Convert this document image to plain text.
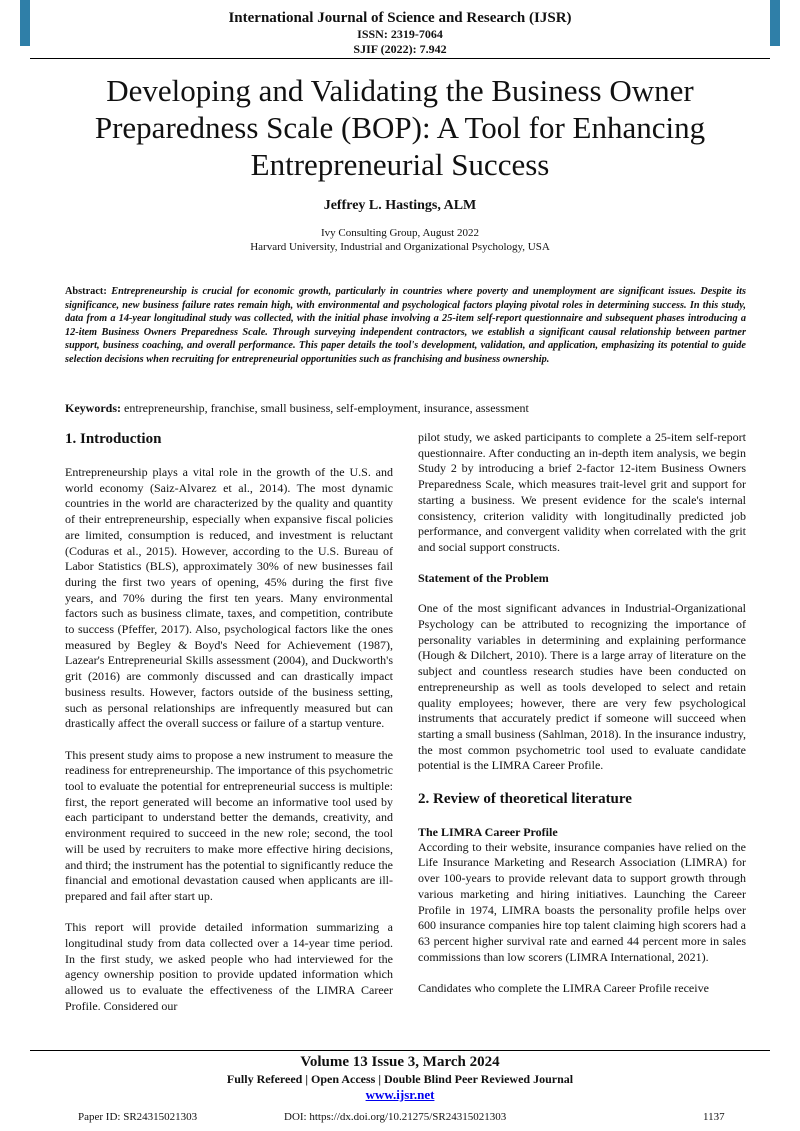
International Journal of Science and Research (IJSR)
ISSN: 2319-7064
SJIF (2022): 7.942
Developing and Validating the Business Owner Preparedness Scale (BOP): A Tool for Enhancing Entrepreneurial Success
Jeffrey L. Hastings, ALM
Ivy Consulting Group, August 2022
Harvard University, Industrial and Organizational Psychology, USA

Abstract: Entrepreneurship is crucial for economic growth, particularly in countries where poverty and unemployment are significant issues. Despite its significance, new business failure rates remain high, with environmental and psychological factors playing pivotal roles in determining success. In this study, data from a 14-year longitudinal study was collected, with the initial phase involving a 25-item self-report questionnaire and subsequent phases introducing a 12-item Business Owners Preparedness Scale. Through surveying independent contractors, we establish a significant causal relationship between partner support, business coaching, and overall performance. This paper details the tool's development, validation, and application, emphasizing its potential to guide selection decisions when recruiting for entrepreneurial opportunities such as franchising and business ownership.

Keywords: entrepreneurship, franchise, small business, self-employment, insurance, assessment

1. Introduction

Entrepreneurship plays a vital role in the growth of the U.S. and world economy (Saiz-Alvarez et al., 2014). The most dynamic countries in the world are characterized by the quality and quantity of their entrepreneurship, especially when expansive fiscal policies are limited, consumption is reduced, and investment is reluctant (Coduras et al., 2015). However, according to the U.S. Bureau of Labor Statistics (BLS), approximately 30% of new businesses fail during the first two years of opening, 45% during the first five years, and 70% during the first ten years. Many environmental factors such as business climate, taxes, and competition, contribute to success (Pfeffer, 2017). Also, psychological factors like the ones measured by Begley & Boyd's Need for Achievement (1987), Lazear's Entrepreneurial Skills assessment (2004), and Duckworth's grit (2016) are commonly discussed and can drastically impact business results. However, factors outside of the business setting, such as personal relationships are infrequently measured but can drastically affect the overall success or failure of a startup venture.

This present study aims to propose a new instrument to measure the readiness for entrepreneurship. The importance of this psychometric tool to evaluate the potential for entrepreneurial success is multiple: first, the report generated will become an informative tool used by each participant to understand better the demands, creativity, and environment required to succeed in the new role; second, the tool will be used by recruiters to make more effective hiring decisions, and third; the instrument has the potential to significantly reduce the financial and emotional devastation caused when applicants are ill-prepared and fail after start up.

This report will provide detailed information summarizing a longitudinal study from data collected over a 14-year time period. In the first study, we asked people who had interviewed for the agency ownership position to provide updated information which allowed us to evaluate the effectiveness of the LIMRA Career Profile. Considered our

pilot study, we asked participants to complete a 25-item self-report questionnaire. After conducting an in-depth item analysis, we begin Study 2 by introducing a brief 2-factor 12-item Business Owners Preparedness Scale, which measures trait-level grit and support for starting a business. We present evidence for the scale's internal consistency, criterion validity with longitudinally predicted job performance, and convergent validity when correlated with the grit and social support constructs.

Statement of the Problem

One of the most significant advances in Industrial-Organizational Psychology can be attributed to recognizing the importance of personality variables in determining and explaining performance (Hough & Dilchert, 2010). There is a large array of literature on the subject and countless research studies have been conducted on entrepreneurship as well as tools developed to select and retain quality employees; however, there are very few psychological instruments that accurately predict if someone will succeed when starting a small business (Sahlman, 2018). In the insurance industry, the most common psychometric tool used to evaluate candidate potential is the LIMRA Career Profile.

2. Review of theoretical literature
The LIMRA Career Profile

According to their website, insurance companies have relied on the Life Insurance Marketing and Research Association (LIMRA) for over 100-years to provide relevant data to support growth through various marketing and hiring initiatives. Launching the Career Profile in 1974, LIMRA boasts the personality profile helps over 600 insurance companies hire top talent claiming high scorers had a 63 percent higher survival rate and earned 44 percent more in sales commissions than low scorers (LIMRA International, 2021).

Candidates who complete the LIMRA Career Profile receive

Volume 13 Issue 3, March 2024
Fully Refereed | Open Access | Double Blind Peer Reviewed Journal
www.ijsr.net
Paper ID: SR24315021303	DOI: https://dx.doi.org/10.21275/SR24315021303	1137
